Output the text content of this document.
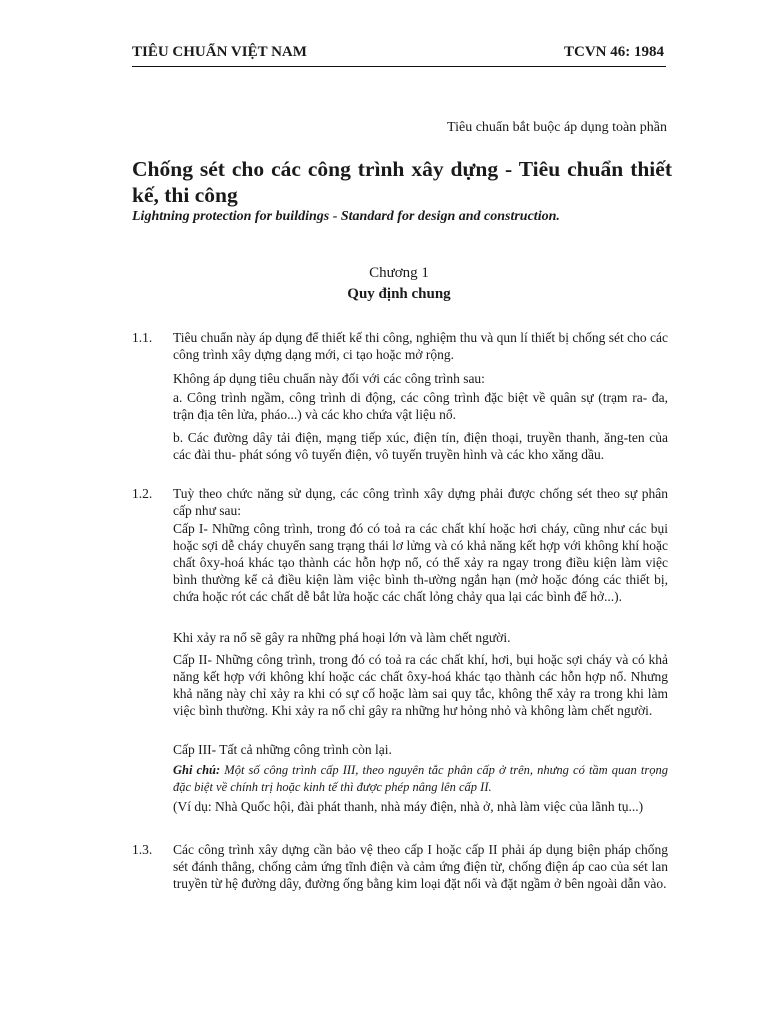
TIÊU CHUẨN VIỆT NAM	TCVN 46: 1984
Tiêu chuẩn bắt buộc áp dụng toàn phần
Chống sét cho các công trình xây dựng - Tiêu chuẩn thiết kế, thi công
Lightning protection for buildings - Standard for design and construction.
Chương 1
Quy định chung
1.1. Tiêu chuẩn này áp dụng để thiết kế thi công, nghiệm thu và qun lí thiết bị chống sét cho các công trình xây dựng dạng mới, ci tạo hoặc mở rộng.

Không áp dụng tiêu chuẩn này đối với các công trình sau:

a. Công trình ngầm, công trình di động, các công trình đặc biệt về quân sự (trạm ra- đa, trận địa tên lửa, pháo...) và các kho chứa vật liệu nổ.

b. Các đường dây tải điện, mạng tiếp xúc, điện tín, điện thoại, truyền thanh, ăng-ten của các đài thu- phát sóng vô tuyến điện, vô tuyến truyền hình và các kho xăng dầu.

1.2. Tuỳ theo chức năng sử dụng, các công trình xây dựng phải được chống sét theo sự phân cấp như sau:

Cấp I- Những công trình, trong đó có toả ra các chất khí hoặc hơi cháy, cũng như các bụi hoặc sợi dễ cháy chuyển sang trạng thái lơ lửng và có khả năng kết hợp với không khí hoặc chất ôxy-hoá khác tạo thành các hỗn hợp nổ, có thể xảy ra ngay trong điều kiện làm việc bình thường kể cả điều kiện làm việc bình th-ường ngắn hạn (mở hoặc đóng các thiết bị, chứa hoặc rót các chất dễ bắt lửa hoặc các chất lỏng chảy qua lại các bình để hở...).

Khi xảy ra nổ sẽ gây ra những phá hoại lớn và làm chết người.

Cấp II- Những công trình, trong đó có toả ra các chất khí, hơi, bụi hoặc sợi cháy và có khả năng kết hợp với không khí hoặc các chất ôxy-hoá khác tạo thành các hỗn hợp nổ. Nhưng khả năng này chỉ xảy ra khi có sự cố hoặc làm sai quy tắc, không thể xảy ra trong khi làm việc bình thường. Khi xảy ra nổ chỉ gây ra những hư hỏng nhỏ và không làm chết người.

Cấp III- Tất cả những công trình còn lại.

Ghi chú: Một số công trình cấp III, theo nguyên tắc phân cấp ở trên, nhưng có tầm quan trọng đặc biệt về chính trị hoặc kinh tế thì được phép nâng lên cấp II.

(Ví dụ: Nhà Quốc hội, đài phát thanh, nhà máy điện, nhà ở, nhà làm việc của lãnh tụ...)

1.3. Các công trình xây dựng cần bảo vệ theo cấp I hoặc cấp II phải áp dụng biện pháp chống sét đánh thẳng, chống cảm ứng tĩnh điện và cảm ứng điện từ, chống điện áp cao của sét lan truyền từ hệ đường dây, đường ống bằng kim loại đặt nổi và đặt ngầm ở bên ngoài dẫn vào.
